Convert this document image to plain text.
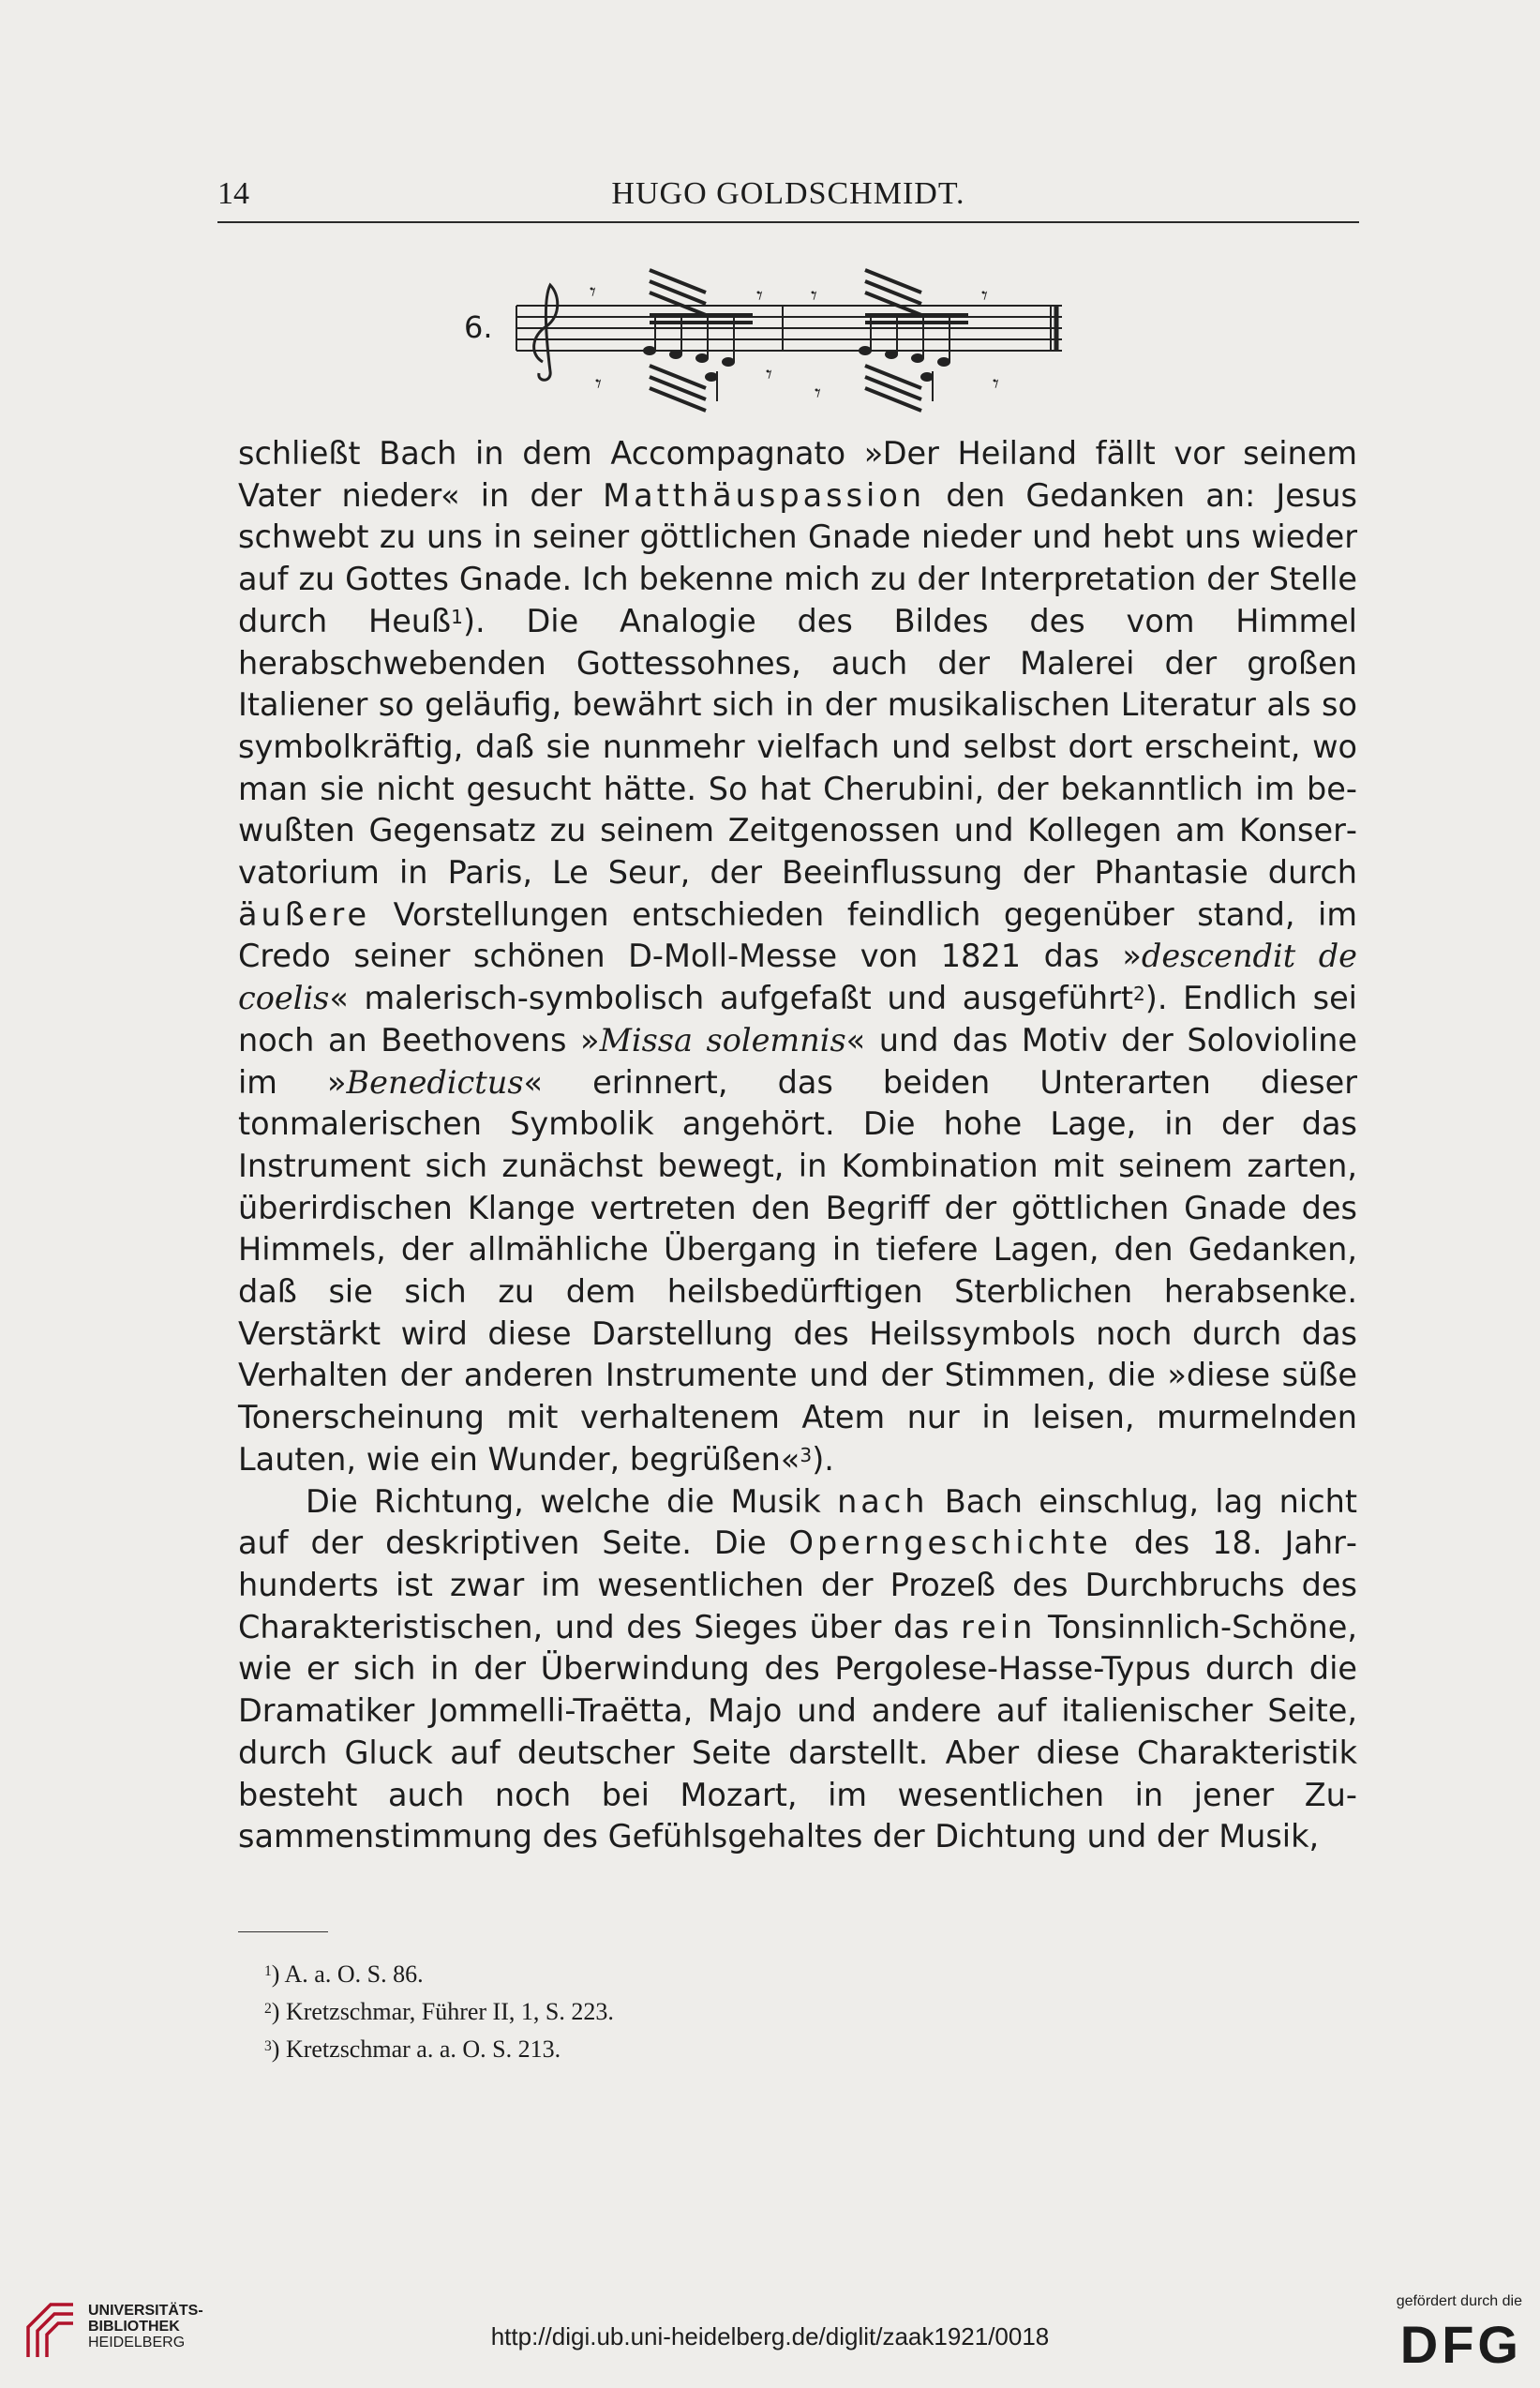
14	HUGO GOLDSCHMIDT.
6.
𝄾
𝄾
𝄾 𝄾
𝄾
𝄾
𝄾
𝄾

schließt Bach in dem Accompagnato »Der Heiland fällt vor seinem Vater nieder« in der Matthäuspassion den Gedanken an: Jesus schwebt zu uns in seiner göttlichen Gnade nieder und hebt uns wieder auf zu Gottes Gnade. Ich bekenne mich zu der Interpretation der Stelle durch Heuß$^1$). Die Analogie des Bildes des vom Himmel herabschwebenden Gottessohnes, auch der Malerei der großen Italiener so geläufig, bewährt sich in der musikalischen Literatur als so symbolkräftig, daß sie nunmehr vielfach und selbst dort erscheint, wo man sie nicht gesucht hätte. So hat Cherubini, der bekanntlich im bewußten Gegensatz zu seinem Zeitgenossen und Kollegen am Konservatorium in Paris, Le Seur, der Beeinflussung der Phantasie durch äußere Vorstellungen entschieden feindlich gegenüber stand, im Credo seiner schönen D-Moll-Messe von 1821 das »descendit de coelis« malerisch-symbolisch aufgefaßt und ausgeführt$^2$). Endlich sei noch an Beethovens »Missa solemnis« und das Motiv der Solovioline im »Benedictus« erinnert, das beiden Unterarten dieser tonmalerischen Symbolik angehört. Die hohe Lage, in der das Instrument sich zunächst bewegt, in Kombination mit seinem zarten, überirdischen Klange vertreten den Begriff der göttlichen Gnade des Himmels, der allmähliche Übergang in tiefere Lagen, den Gedanken, daß sie sich zu dem heilsbedürftigen Sterblichen herabsenke. Verstärkt wird diese Darstellung des Heilssymbols noch durch das Verhalten der anderen Instrumente und der Stimmen, die »diese süße Tonerscheinung mit verhaltenem Atem nur in leisen, murmelnden Lauten, wie ein Wunder, begrüßen«$^3$).

Die Richtung, welche die Musik nach Bach einschlug, lag nicht auf der deskriptiven Seite. Die Operngeschichte des 18. Jahrhunderts ist zwar im wesentlichen der Prozeß des Durchbruchs des Charakteristischen, und des Sieges über das rein Tonsinnlich-Schöne, wie er sich in der Überwindung des Pergolese-Hasse-Typus durch die Dramatiker Jommelli-Traëtta, Majo und andere auf italienischer Seite, durch Gluck auf deutscher Seite darstellt. Aber diese Charakteristik besteht auch noch bei Mozart, im wesentlichen in jener Zusammenstimmung des Gefühlsgehaltes der Dichtung und der Musik,

$^1$) A. a. O. S. 86.
$^2$) Kretzschmar, Führer II, 1, S. 223.
$^3$) Kretzschmar a. a. O. S. 213.
UNIVERSITÄTS-
BIBLIOTHEK
HEIDELBERG	http://digi.ub.uni-heidelberg.de/diglit/zaak1921/0018
gefördert durch die
DFG
